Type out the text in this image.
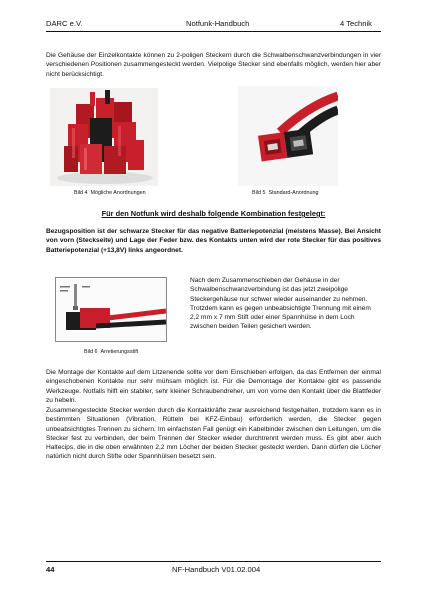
DARC e.V.	Notfunk-Handbuch	4 Technik

Die Gehäuse der Einzelkontakte können zu 2-poligen Steckern durch die Schwalbenschwanzverbindungen in vier verschiedenen Positionen zusammengesteckt werden. Vielpolige Stecker sind ebenfalls möglich, werden hier aber nicht berücksichtigt.

Bild 4 Mögliche Anordnungen	Bild 5 Standard-Anordnung
Für den Notfunk wird deshalb folgende Kombination festgelegt:

Bezugsposition ist der schwarze Stecker für das negative Batteriepotenzial (meistens Masse). Bei Ansicht von vorn (Steckseite) und Lage der Feder bzw. des Kontakts unten wird der rote Stecker für das positives Batteriepotenzial (+13,8V) links angeordnet.

Bild 6 Arretierungsstift

Nach dem Zusammenschieben der Gehäuse in der Schwalbenschwanzverbindung ist das jetzt zweipolige Steckergehäuse nur schwer wieder auseinander zu nehmen. Trotzdem kann es gegen unbeabsichtigte Trennung mit einem 2,2 mm x 7 mm Stift oder einer Spannhülse in dem Loch zwischen beiden Teilen gesichert werden.

Die Montage der Kontakte auf dem Litzenende sollte vor dem Einschieben erfolgen, da das Entfernen der einmal eingeschobenen Kontakte nur sehr mühsam möglich ist. Für die Demontage der Kontakte gibt es passende Werkzeuge. Notfalls hilft ein stabiler, sehr kleiner Schraubendreher, um von vorne den Kontakt über die Blattfeder zu hebeln.

Zusammengesteckte Stecker werden durch die Kontaktkräfte zwar ausreichend festgehalten, trotzdem kann es in bestimmten Situationen (Vibration, Rütteln bei KFZ-Einbau) erforderlich werden, die Stecker gegen unbeabsichtigtes Trennen zu sichern. Im einfachsten Fall genügt ein Kabelbinder zwischen den Leitungen, um die Stecker fest zu verbinden, der beim Trennen der Stecker wieder durchtrennt werden muss. Es gibt aber auch Haltecips, die in die oben erwähnten 2,2 mm Löcher der beiden Stecker gesteckt werden. Dann dürfen die Löcher natürlich nicht durch Stifte oder Spannhülsen besetzt sein.

44	NF-Handbuch V01.02.004
